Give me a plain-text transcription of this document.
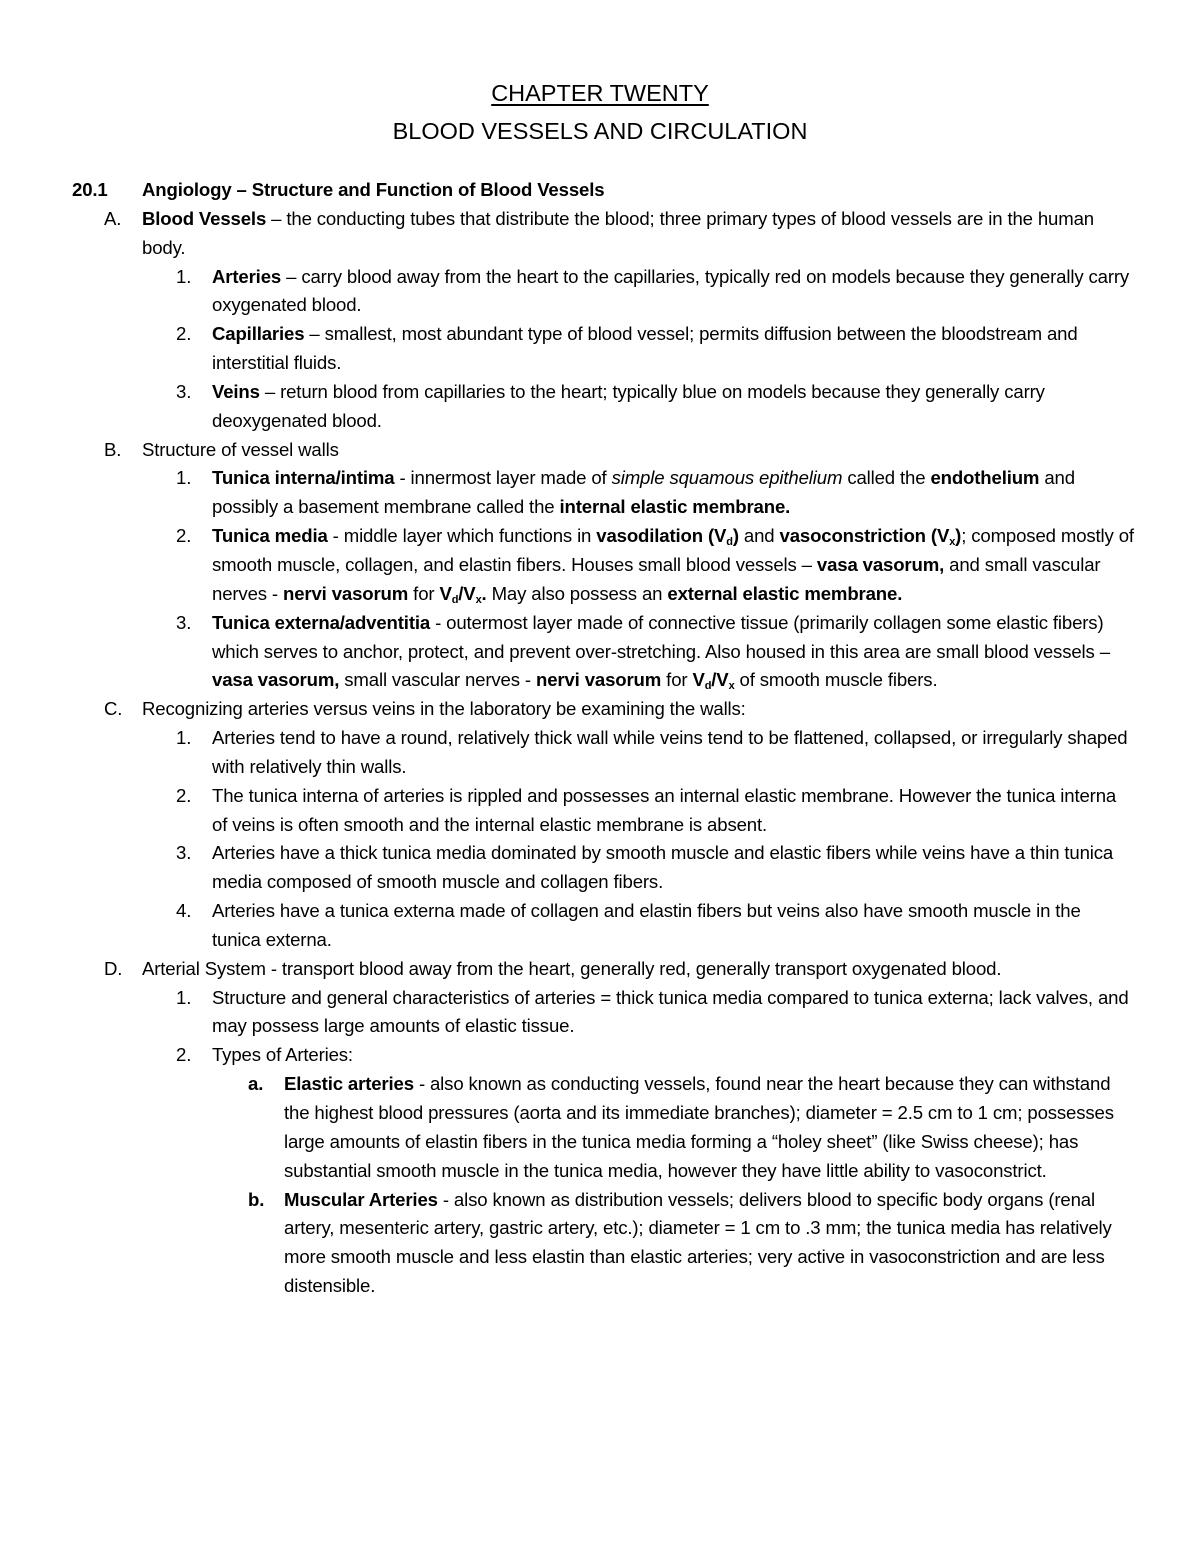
CHAPTER TWENTY
BLOOD VESSELS AND CIRCULATION
20.1 Angiology – Structure and Function of Blood Vessels
A. Blood Vessels – the conducting tubes that distribute the blood; three primary types of blood vessels are in the human body.
1. Arteries – carry blood away from the heart to the capillaries, typically red on models because they generally carry oxygenated blood.
2. Capillaries – smallest, most abundant type of blood vessel; permits diffusion between the bloodstream and interstitial fluids.
3. Veins – return blood from capillaries to the heart; typically blue on models because they generally carry deoxygenated blood.
B. Structure of vessel walls
1. Tunica interna/intima - innermost layer made of simple squamous epithelium called the endothelium and possibly a basement membrane called the internal elastic membrane.
2. Tunica media - middle layer which functions in vasodilation $(V_d)$ and vasoconstriction $(V_x)$; composed mostly of smooth muscle, collagen, and elastin fibers. Houses small blood vessels – vasa vasorum, and small vascular nerves - nervi vasorum for $V_d/V_x$. May also possess an external elastic membrane.
3. Tunica externa/adventitia - outermost layer made of connective tissue (primarily collagen some elastic fibers) which serves to anchor, protect, and prevent over-stretching. Also housed in this area are small blood vessels – vasa vasorum, small vascular nerves - nervi vasorum for $V_d/V_x$ of smooth muscle fibers.
C. Recognizing arteries versus veins in the laboratory be examining the walls:
1. Arteries tend to have a round, relatively thick wall while veins tend to be flattened, collapsed, or irregularly shaped with relatively thin walls.
2. The tunica interna of arteries is rippled and possesses an internal elastic membrane. However the tunica interna of veins is often smooth and the internal elastic membrane is absent.
3. Arteries have a thick tunica media dominated by smooth muscle and elastic fibers while veins have a thin tunica media composed of smooth muscle and collagen fibers.
4. Arteries have a tunica externa made of collagen and elastin fibers but veins also have smooth muscle in the tunica externa.
D. Arterial System - transport blood away from the heart, generally red, generally transport oxygenated blood.
1. Structure and general characteristics of arteries = thick tunica media compared to tunica externa; lack valves, and may possess large amounts of elastic tissue.
2. Types of Arteries:
a. Elastic arteries - also known as conducting vessels, found near the heart because they can withstand the highest blood pressures (aorta and its immediate branches); diameter = 2.5 cm to 1 cm; possesses large amounts of elastin fibers in the tunica media forming a “holey sheet” (like Swiss cheese); has substantial smooth muscle in the tunica media, however they have little ability to vasoconstrict.
b. Muscular Arteries - also known as distribution vessels; delivers blood to specific body organs (renal artery, mesenteric artery, gastric artery, etc.); diameter = 1 cm to .3 mm; the tunica media has relatively more smooth muscle and less elastin than elastic arteries; very active in vasoconstriction and are less distensible.
